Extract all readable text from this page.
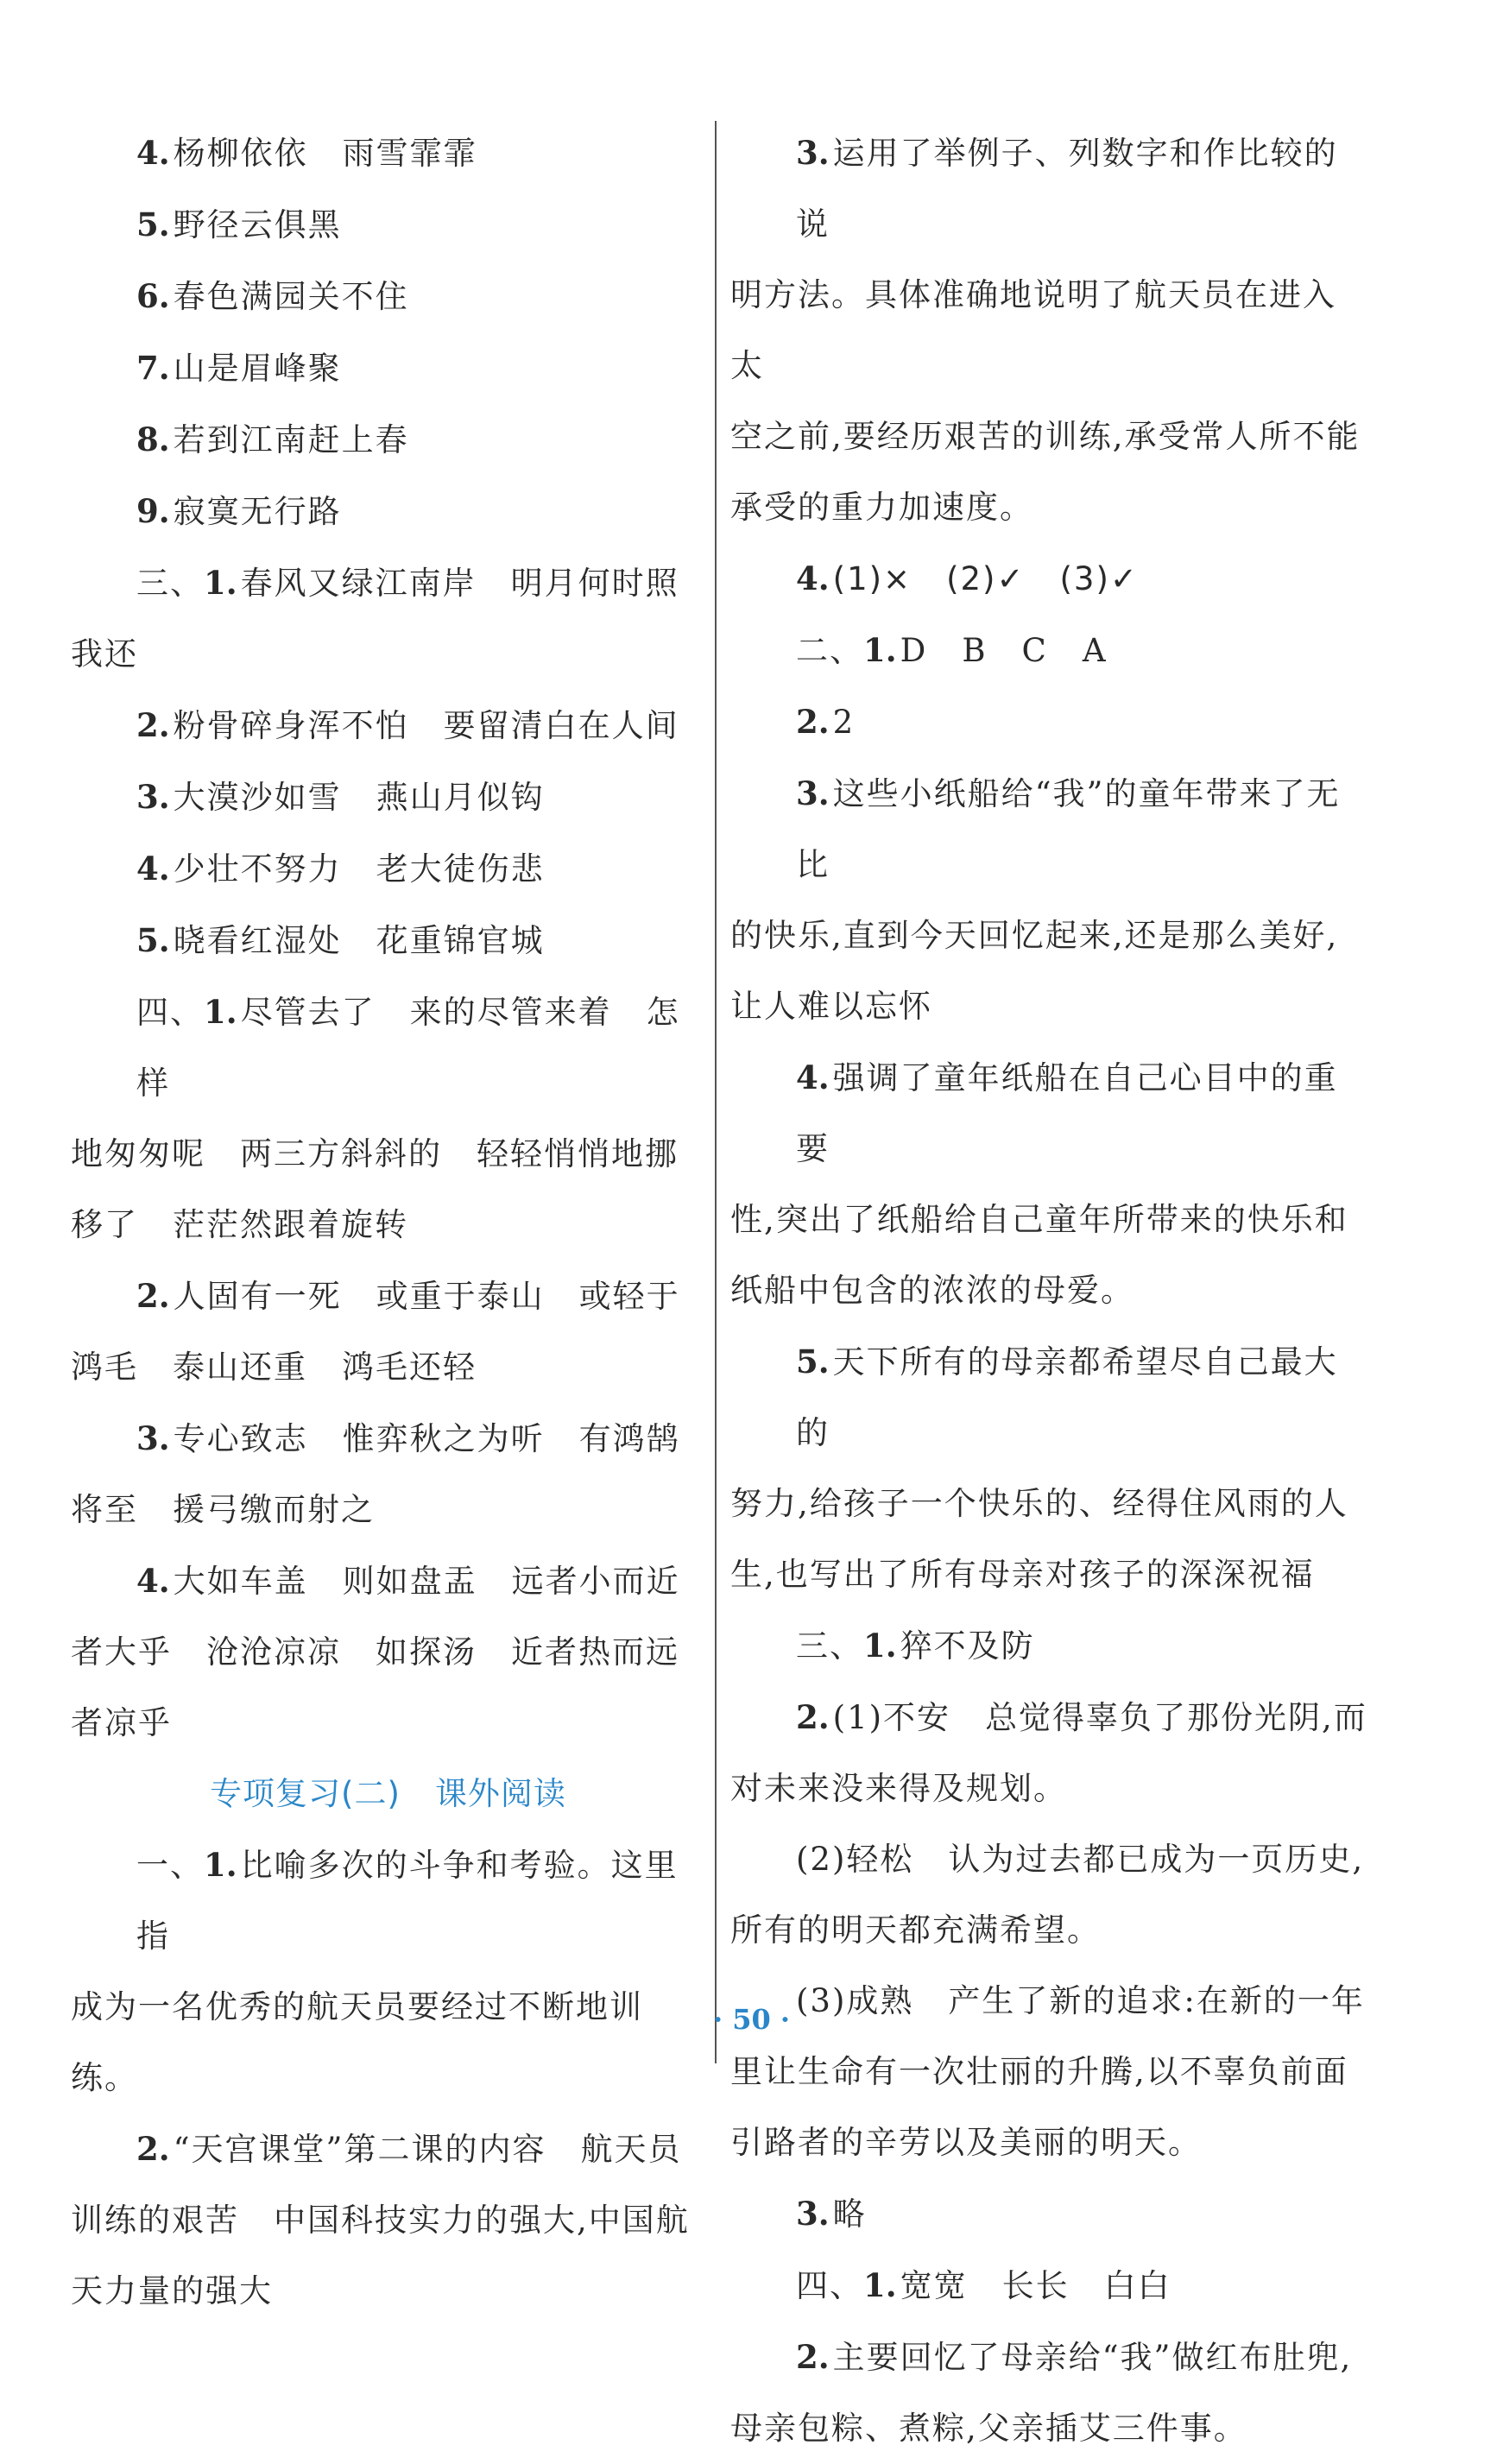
4. 杨柳依依 雨雪霏霏

5. 野径云俱黑

6. 春色满园关不住

7. 山是眉峰聚

8. 若到江南赶上春

9. 寂寞无行路

三、1. 春风又绿江南岸 明月何时照

我还

2. 粉骨碎身浑不怕 要留清白在人间

3. 大漠沙如雪 燕山月似钩

4. 少壮不努力 老大徒伤悲

5. 晓看红湿处 花重锦官城

四、1. 尽管去了 来的尽管来着 怎样

地匆匆呢 两三方斜斜的 轻轻悄悄地挪

移了 茫茫然跟着旋转

2. 人固有一死 或重于泰山 或轻于

鸿毛 泰山还重 鸿毛还轻

3. 专心致志 惟弈秋之为听 有鸿鹄

将至 援弓缴而射之

4. 大如车盖 则如盘盂 远者小而近

者大乎 沧沧凉凉 如探汤 近者热而远

者凉乎

专项复习(二) 课外阅读

一、1. 比喻多次的斗争和考验。这里指

成为一名优秀的航天员要经过不断地训练。

2. “天宫课堂”第二课的内容 航天员

训练的艰苦 中国科技实力的强大,中国航

天力量的强大

3. 运用了举例子、列数字和作比较的说

明方法。具体准确地说明了航天员在进入太

空之前,要经历艰苦的训练,承受常人所不能

承受的重力加速度。

4. (1)× (2)✓ (3)✓

二、1. D B C A

2. 2

3. 这些小纸船给“我”的童年带来了无比

的快乐,直到今天回忆起来,还是那么美好,

让人难以忘怀

4. 强调了童年纸船在自己心目中的重要

性,突出了纸船给自己童年所带来的快乐和

纸船中包含的浓浓的母爱。

5. 天下所有的母亲都希望尽自己最大的

努力,给孩子一个快乐的、经得住风雨的人

生,也写出了所有母亲对孩子的深深祝福

三、1. 猝不及防

2. (1)不安 总觉得辜负了那份光阴,而

对未来没来得及规划。

(2)轻松 认为过去都已成为一页历史,

所有的明天都充满希望。

(3)成熟 产生了新的追求:在新的一年

里让生命有一次壮丽的升腾,以不辜负前面

引路者的辛劳以及美丽的明天。

3. 略

四、1. 宽宽 长长 白白

2. 主要回忆了母亲给“我”做红布肚兜,

母亲包粽、煮粽,父亲插艾三件事。

· 50 ·
